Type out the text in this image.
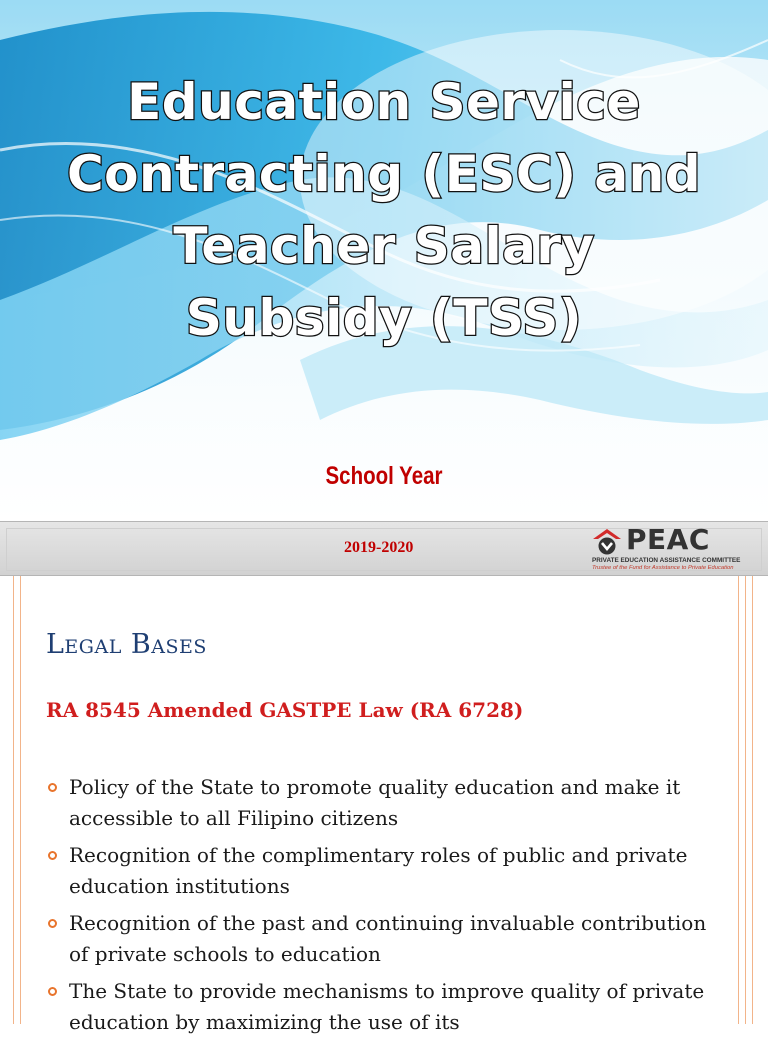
Education Service
Contracting (ESC) and
Teacher Salary
Subsidy (TSS)
School Year
2019-2020	PEAC
PRIVATE EDUCATION ASSISTANCE COMMITTEE
Trustee of the Fund for Assistance to Private Education
Legal Bases
RA 8545 Amended GASTPE Law (RA 6728)
Policy of the State to promote quality education and make it accessible to all Filipino citizens
Recognition of the complimentary roles of public and private education institutions
Recognition of the past and continuing invaluable contribution of private schools to education
The State to provide mechanisms to improve quality of private education by maximizing the use of its
